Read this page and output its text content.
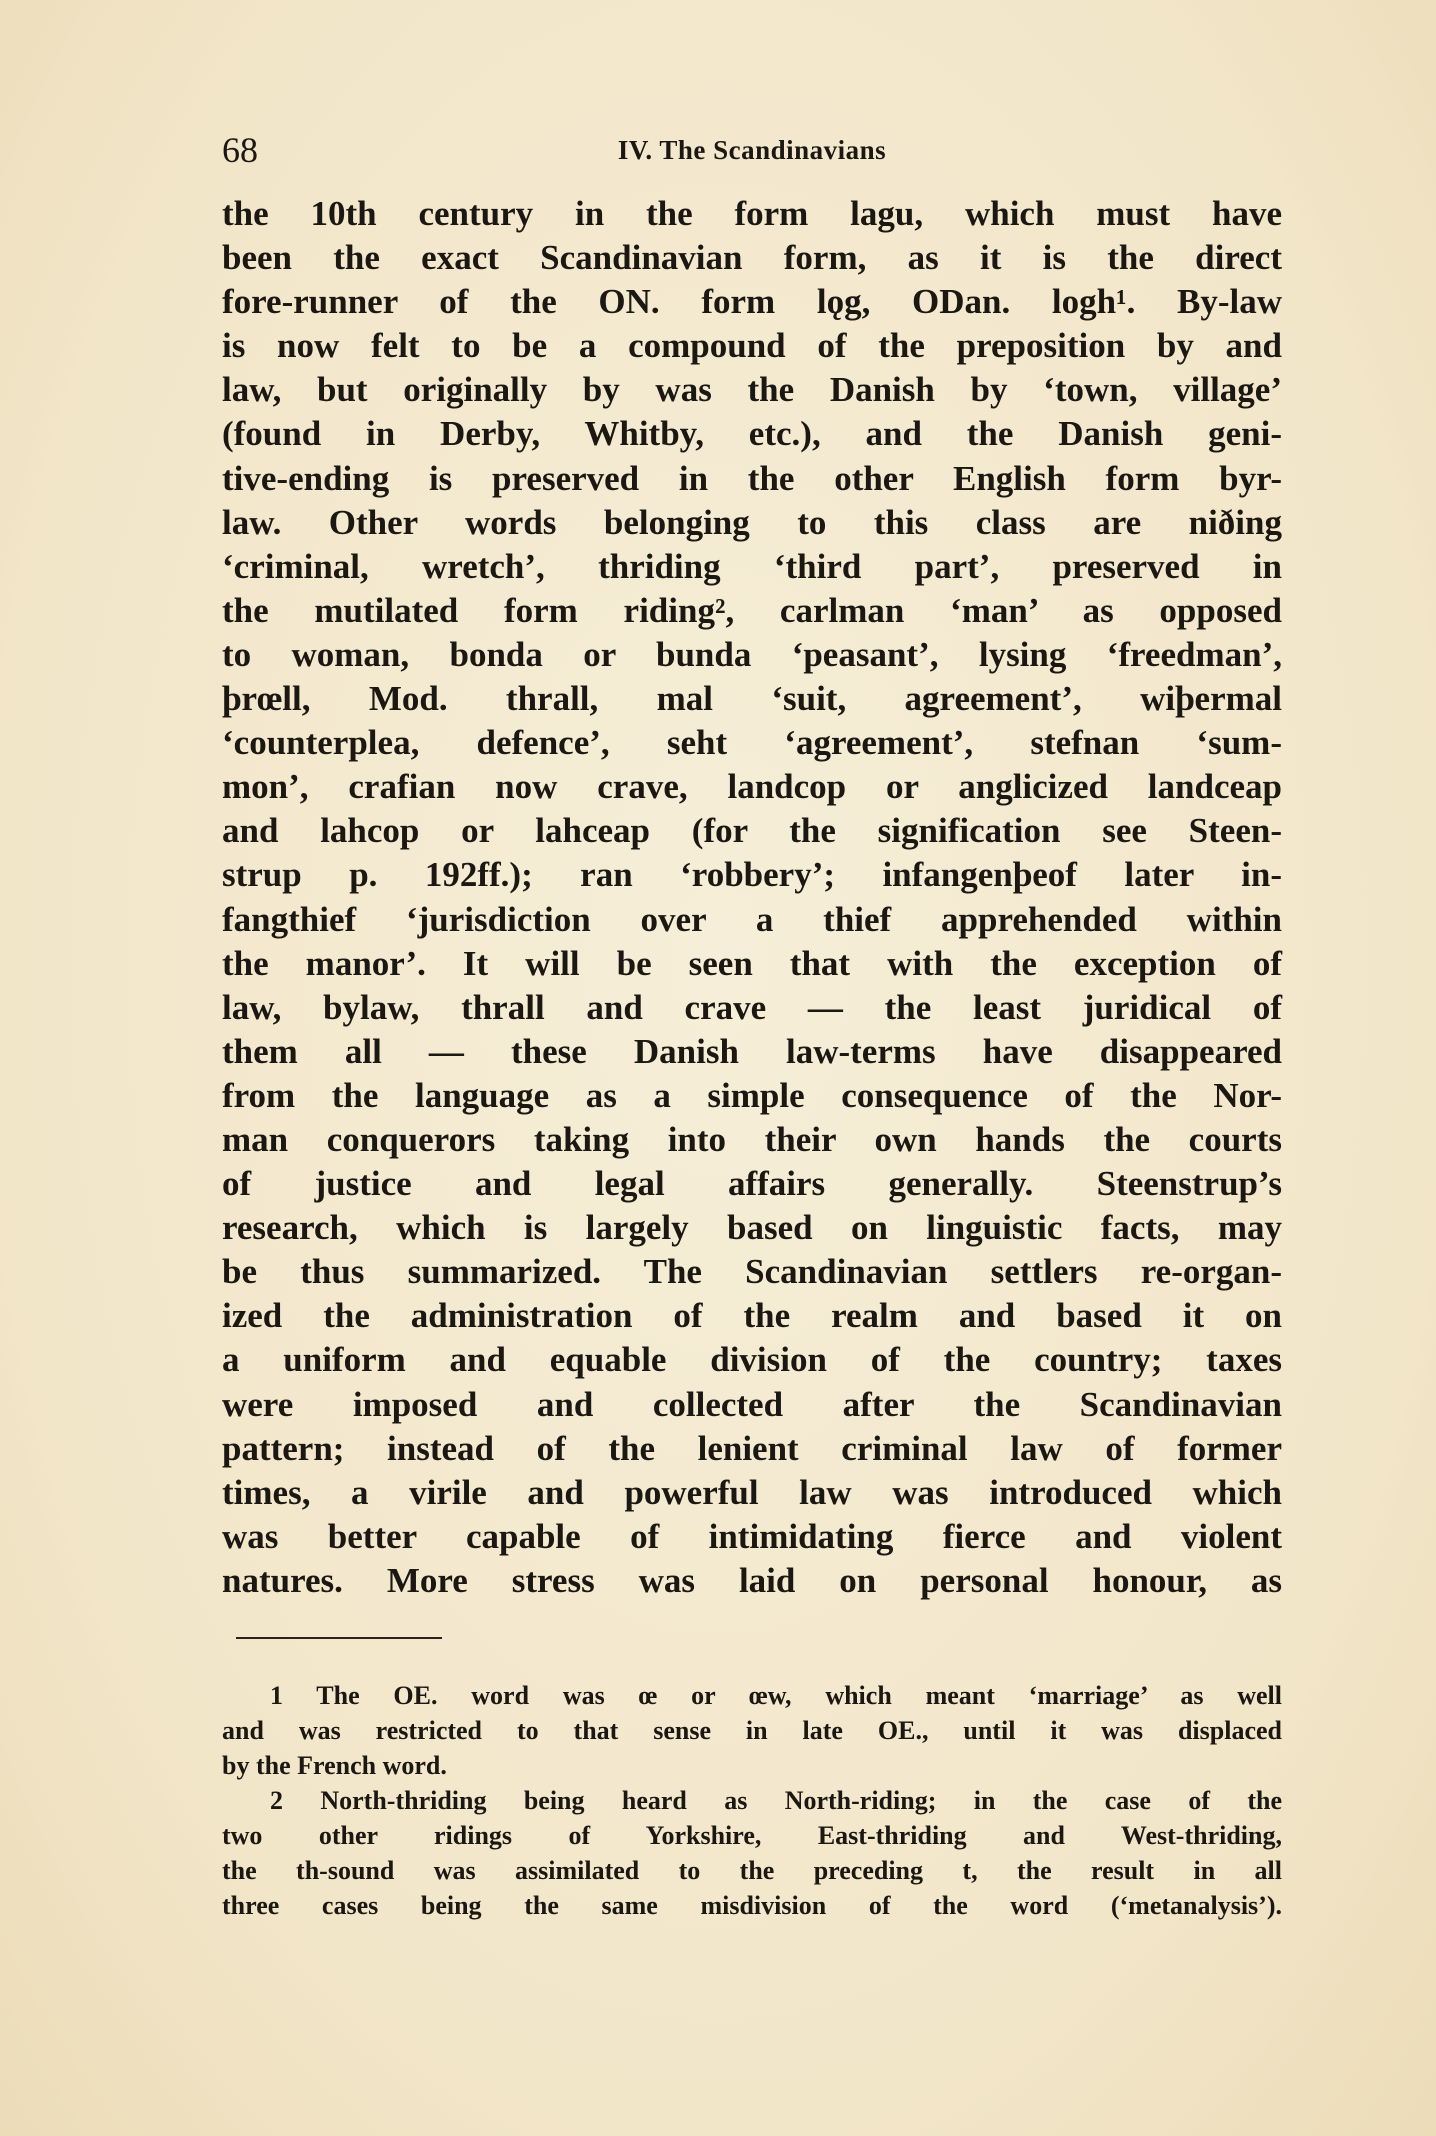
68	IV. The Scandinavians
the 10th century in the form lagu, which must have
been the exact Scandinavian form, as it is the direct
fore-runner of the ON. form lǫg, ODan. logh¹. By-law
is now felt to be a compound of the preposition by and
law, but originally by was the Danish by ‘town, village’
(found in Derby, Whitby, etc.), and the Danish geni-
tive-ending is preserved in the other English form byr-
law. Other words belonging to this class are niðing
‘criminal, wretch’, thriding ‘third part’, preserved in
the mutilated form riding², carlman ‘man’ as opposed
to woman, bonda or bunda ‘peasant’, lysing ‘freedman’,
þrœll, Mod. thrall, mal ‘suit, agreement’, wiþermal
‘counterplea, defence’, seht ‘agreement’, stefnan ‘sum-
mon’, crafian now crave, landcop or anglicized landceap
and lahcop or lahceap (for the signification see Steen-
strup p. 192ff.); ran ‘robbery’; infangenþeof later in-
fangthief ‘jurisdiction over a thief apprehended within
the manor’. It will be seen that with the exception of
law, bylaw, thrall and crave — the least juridical of
them all — these Danish law-terms have disappeared
from the language as a simple consequence of the Nor-
man conquerors taking into their own hands the courts
of justice and legal affairs generally. Steenstrup’s
research, which is largely based on linguistic facts, may
be thus summarized. The Scandinavian settlers re-organ-
ized the administration of the realm and based it on
a uniform and equable division of the country; taxes
were imposed and collected after the Scandinavian
pattern; instead of the lenient criminal law of former
times, a virile and powerful law was introduced which
was better capable of intimidating fierce and violent
natures. More stress was laid on personal honour, as
1 The OE. word was œ or œw, which meant ‘marriage’ as well
and was restricted to that sense in late OE., until it was displaced
by the French word.
2 North-thriding being heard as North-riding; in the case of the
two other ridings of Yorkshire, East-thriding and West-thriding,
the th-sound was assimilated to the preceding t, the result in all
three cases being the same misdivision of the word (‘metanalysis’).
